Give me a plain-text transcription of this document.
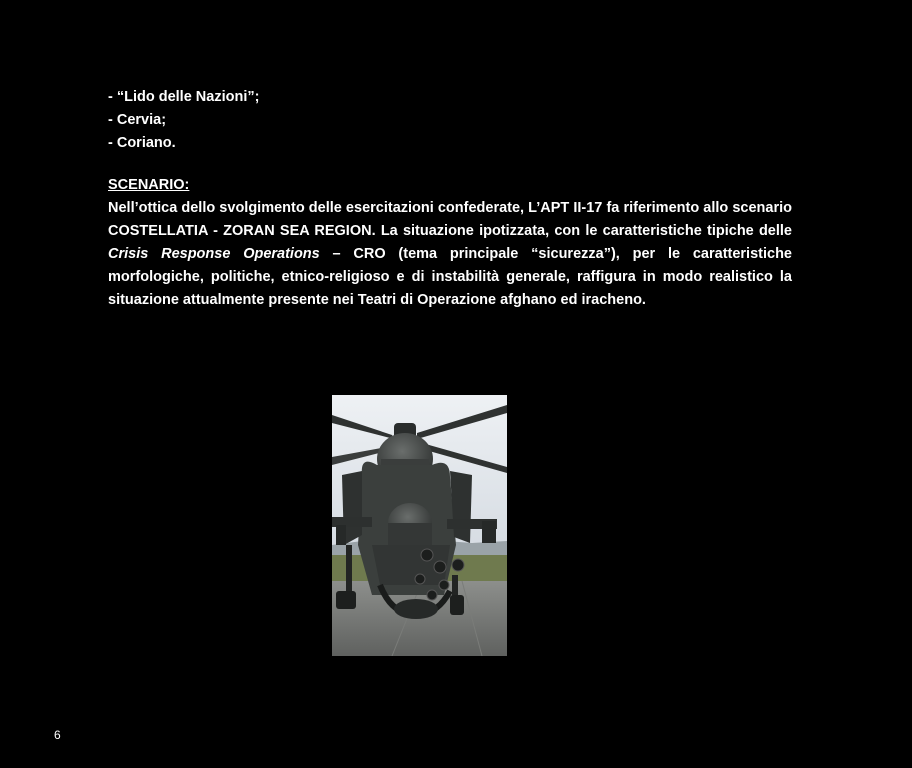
- “Lido delle Nazioni”;
- Cervia;
- Coriano.
SCENARIO:

Nell’ottica dello svolgimento delle esercitazioni confederate, L’APT II-17 fa riferimento allo scenario COSTELLATIA - ZORAN SEA REGION. La situazione ipotizzata, con le caratteristiche tipiche delle Crisis Response Operations – CRO (tema principale “sicurezza”), per le caratteristiche morfologiche, politiche, etnico-religioso e di instabilità generale, raffigura in modo realistico la situazione attualmente presente nei Teatri di Operazione afghano ed iracheno.

6
